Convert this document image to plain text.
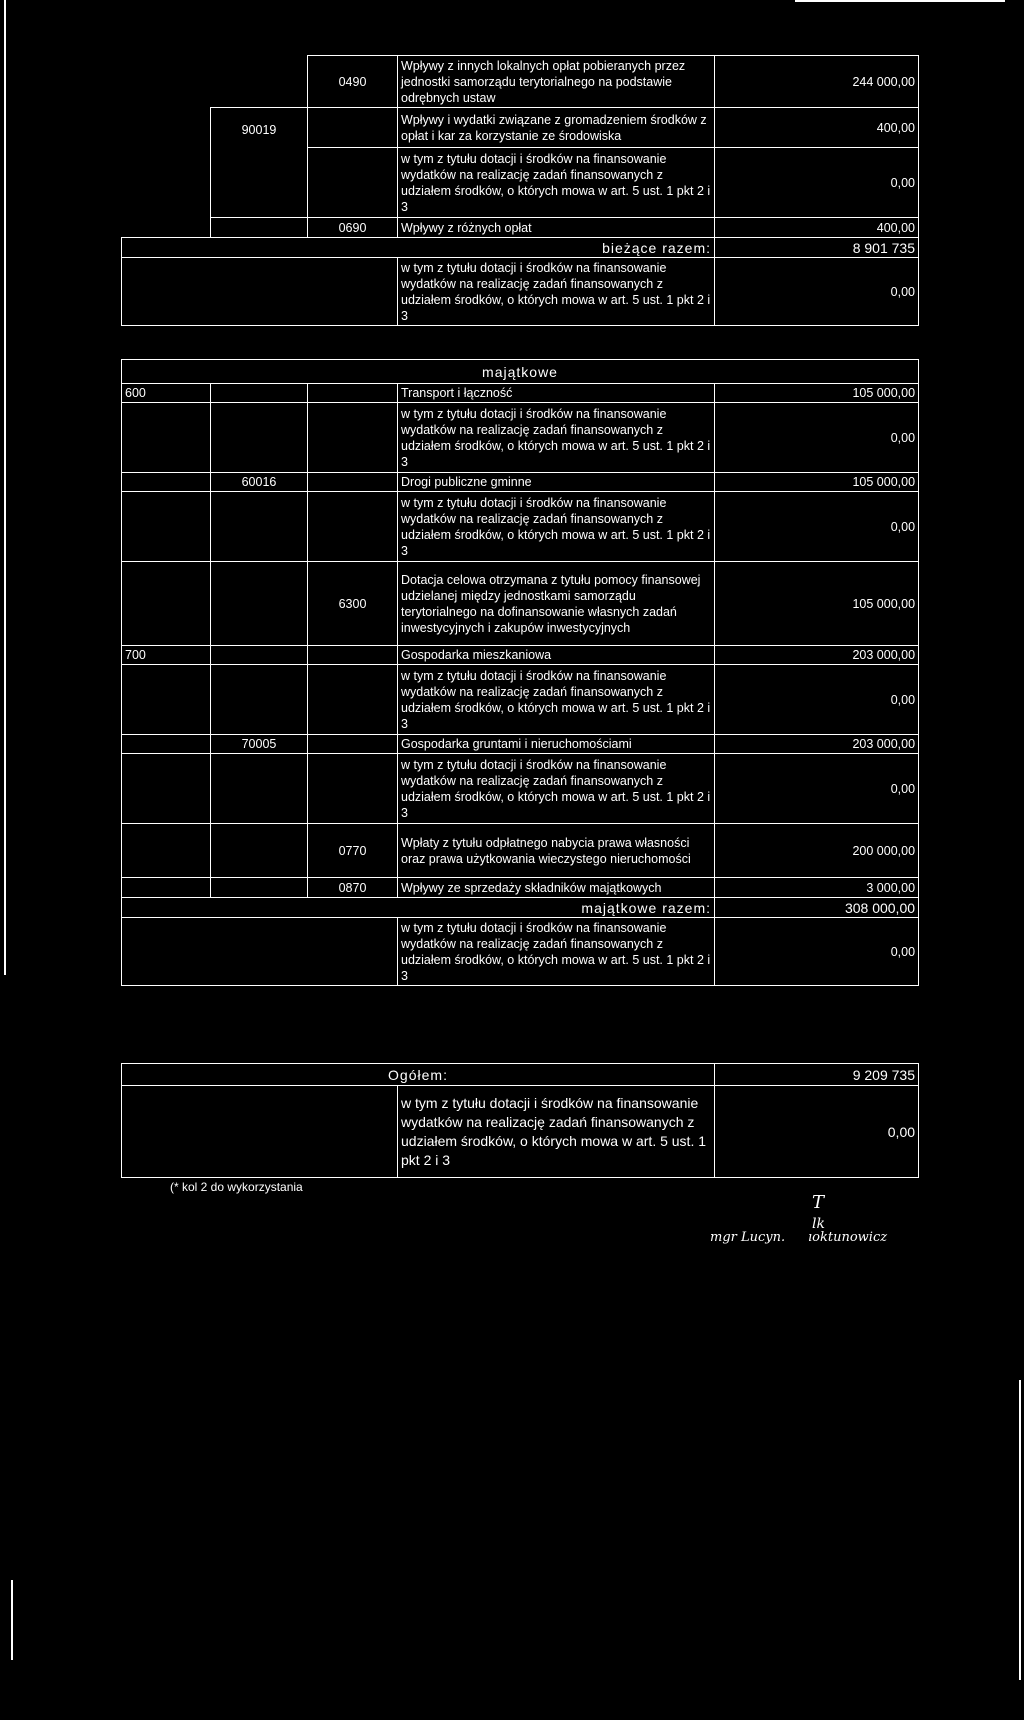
		0490	Wpływy z innych lokalnych opłat pobieranych przez jednostki samorządu terytorialnego na podstawie odrębnych ustaw	244 000,00
	90019		Wpływy i wydatki związane z gromadzeniem środków z opłat i kar za korzystanie ze środowiska	400,00
			w tym z tytułu dotacji i środków na finansowanie wydatków na realizację zadań finansowanych z udziałem środków, o których mowa w art. 5 ust. 1 pkt 2 i 3	0,00
		0690	Wpływy z różnych opłat	400,00
bieżące razem:				8 901 735
			w tym z tytułu dotacji i środków na finansowanie wydatków na realizację zadań finansowanych z udziałem środków, o których mowa w art. 5 ust. 1 pkt 2 i 3	0,00
majątkowe				
600			Transport i łączność	105 000,00
			w tym z tytułu dotacji i środków na finansowanie wydatków na realizację zadań finansowanych z udziałem środków, o których mowa w art. 5 ust. 1 pkt 2 i 3	0,00
	60016		Drogi publiczne gminne	105 000,00
			w tym z tytułu dotacji i środków na finansowanie wydatków na realizację zadań finansowanych z udziałem środków, o których mowa w art. 5 ust. 1 pkt 2 i 3	0,00
		6300	Dotacja celowa otrzymana z tytułu pomocy finansowej udzielanej między jednostkami samorządu terytorialnego na dofinansowanie własnych zadań inwestycyjnych i zakupów inwestycyjnych	105 000,00
700			Gospodarka mieszkaniowa	203 000,00
			w tym z tytułu dotacji i środków na finansowanie wydatków na realizację zadań finansowanych z udziałem środków, o których mowa w art. 5 ust. 1 pkt 2 i 3	0,00
	70005		Gospodarka gruntami i nieruchomościami	203 000,00
			w tym z tytułu dotacji i środków na finansowanie wydatków na realizację zadań finansowanych z udziałem środków, o których mowa w art. 5 ust. 1 pkt 2 i 3	0,00
		0770	Wpłaty z tytułu odpłatnego nabycia prawa własności oraz prawa użytkowania wieczystego nieruchomości	200 000,00
		0870	Wpływy ze sprzedaży składników majątkowych	3 000,00
majątkowe razem:				308 000,00
			w tym z tytułu dotacji i środków na finansowanie wydatków na realizację zadań finansowanych z udziałem środków, o których mowa w art. 5 ust. 1 pkt 2 i 3	0,00
Ogółem:		9 209 735
	w tym z tytułu dotacji i środków na finansowanie wydatków na realizację zadań finansowanych z udziałem środków, o których mowa w art. 5 ust. 1 pkt 2 i 3	0,00
(* kol 2 do wykorzystania
T
lk
mgr Lucyn. ıoktunowicz
